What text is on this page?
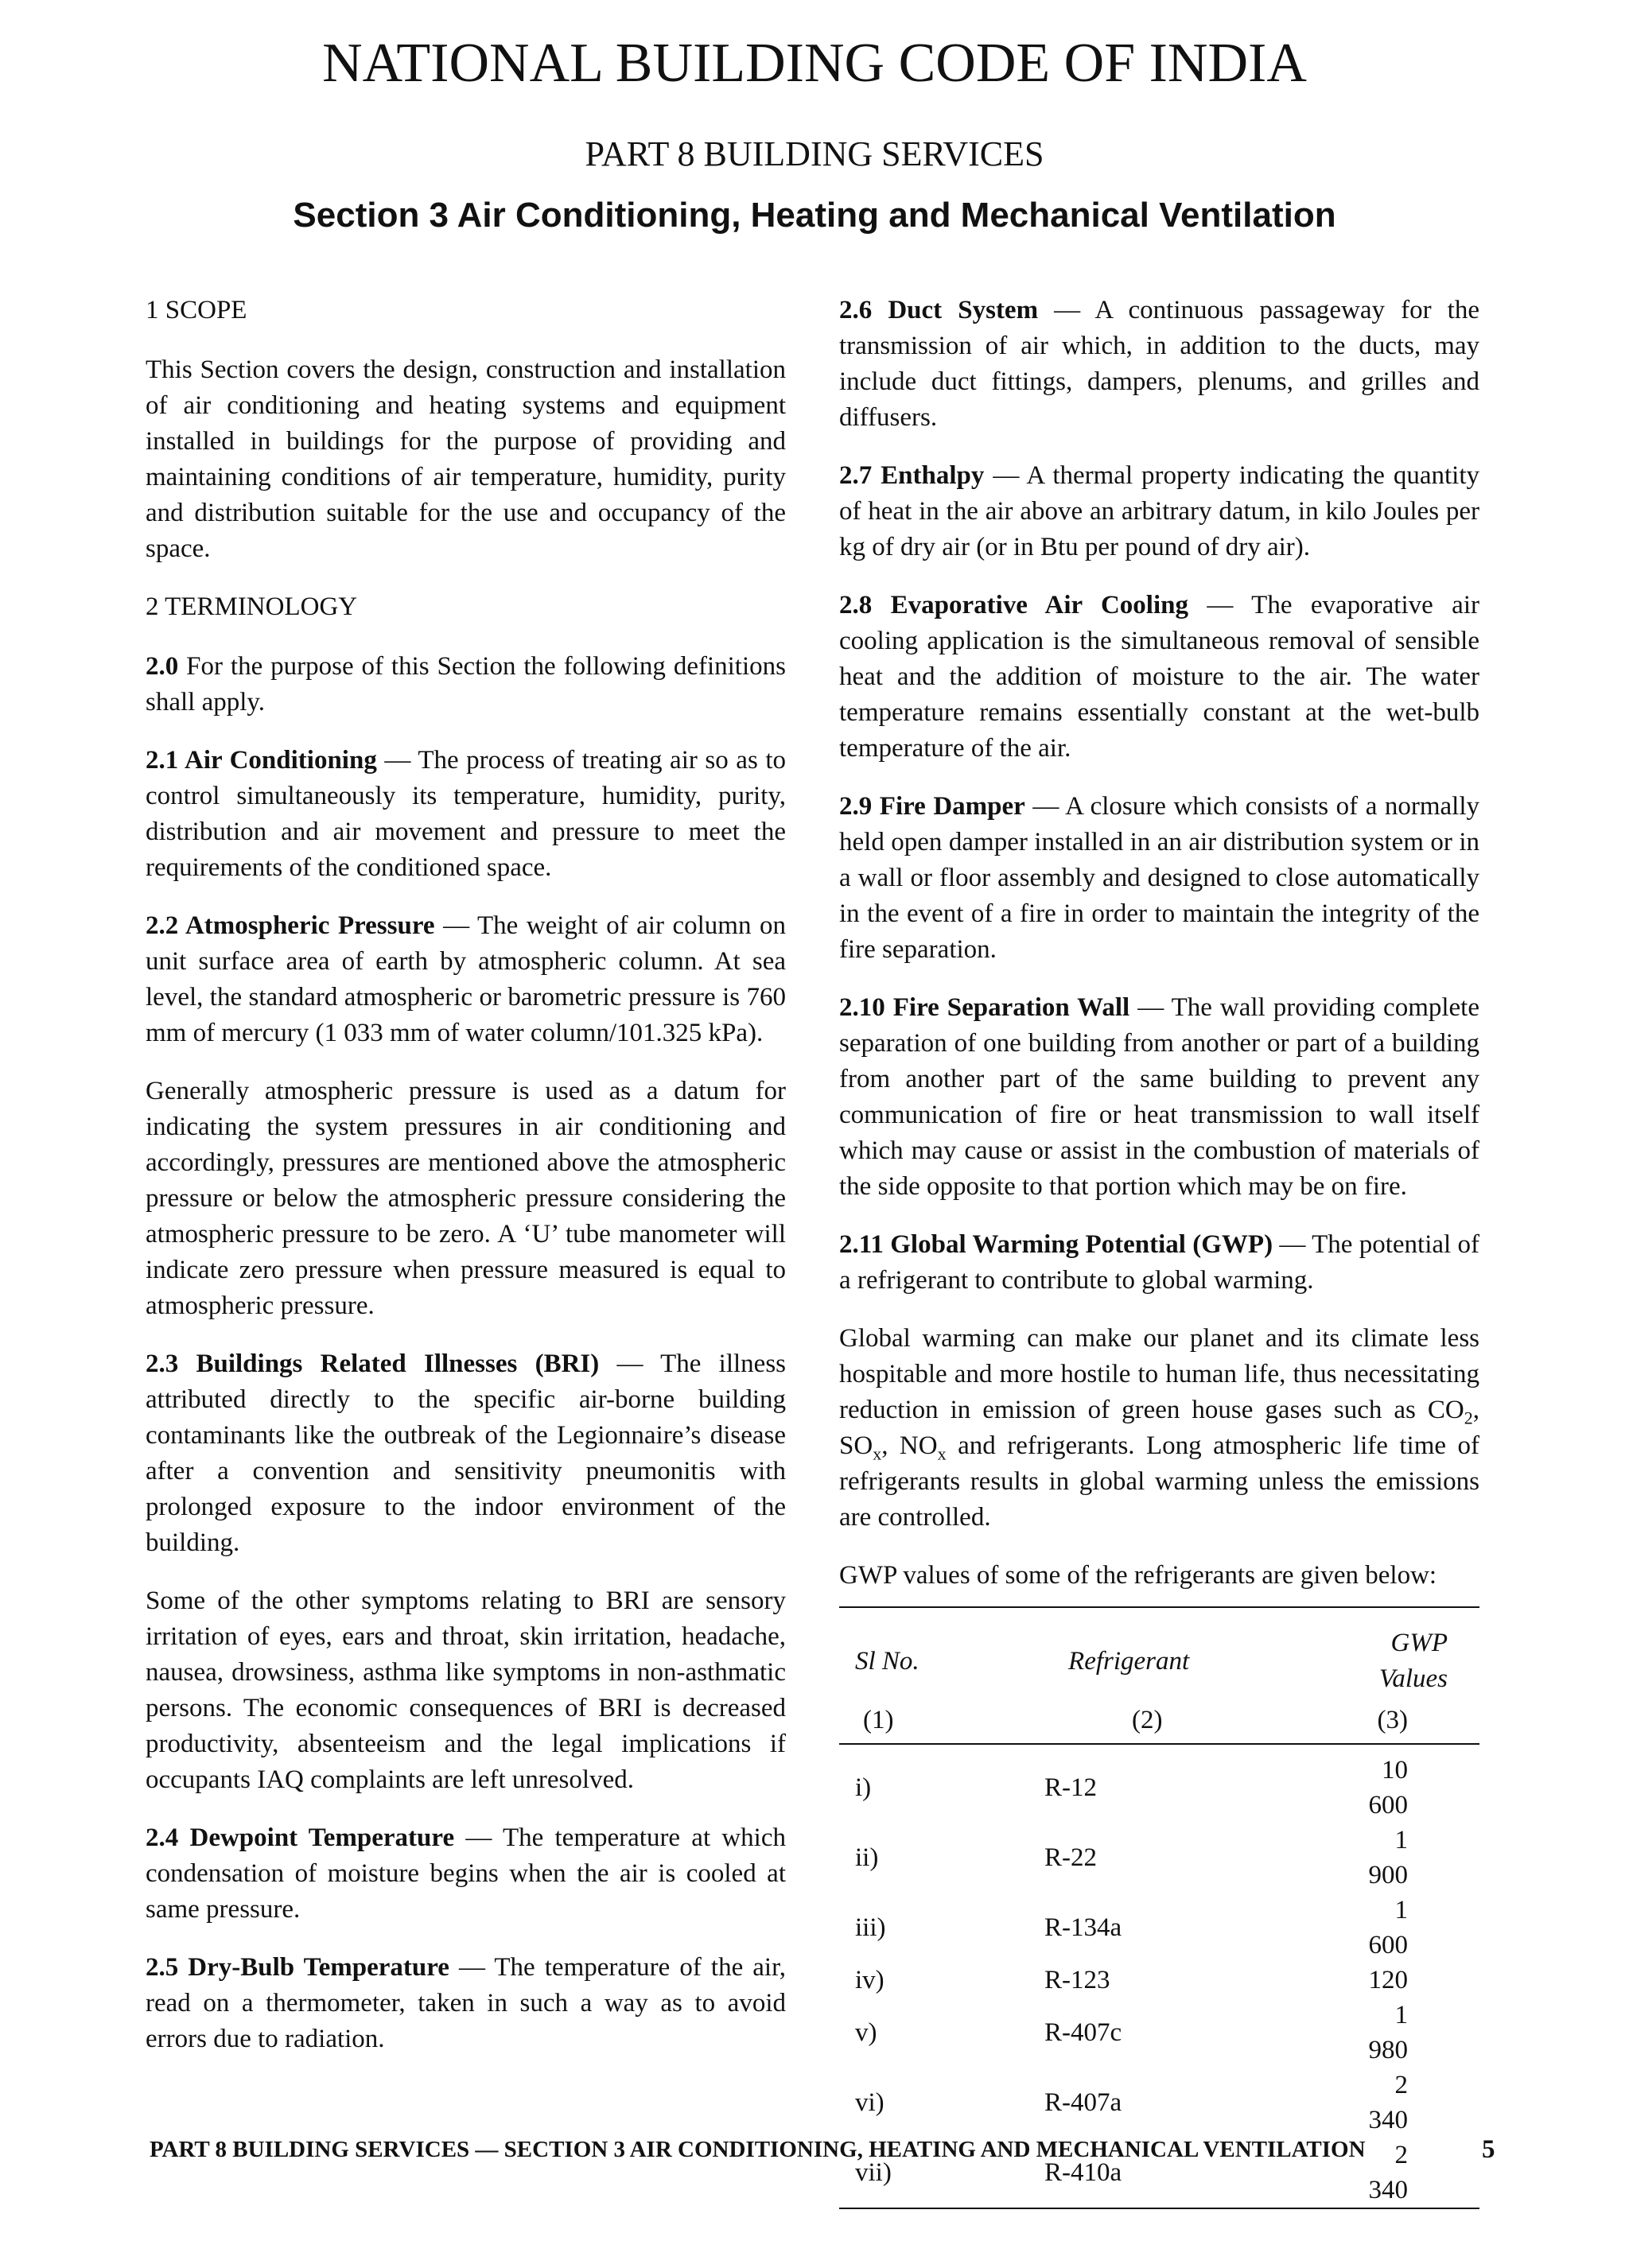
NATIONAL BUILDING CODE OF INDIA
PART 8 BUILDING SERVICES
Section 3 Air Conditioning, Heating and Mechanical Ventilation
1 SCOPE

This Section covers the design, construction and installation of air conditioning and heating systems and equipment installed in buildings for the purpose of providing and maintaining conditions of air temperature, humidity, purity and distribution suitable for the use and occupancy of the space.

2 TERMINOLOGY

2.0 For the purpose of this Section the following definitions shall apply.

2.1 Air Conditioning — The process of treating air so as to control simultaneously its temperature, humidity, purity, distribution and air movement and pressure to meet the requirements of the conditioned space.

2.2 Atmospheric Pressure — The weight of air column on unit surface area of earth by atmospheric column. At sea level, the standard atmospheric or barometric pressure is 760 mm of mercury (1 033 mm of water column/101.325 kPa).

Generally atmospheric pressure is used as a datum for indicating the system pressures in air conditioning and accordingly, pressures are mentioned above the atmospheric pressure or below the atmospheric pressure considering the atmospheric pressure to be zero. A ‘U’ tube manometer will indicate zero pressure when pressure measured is equal to atmospheric pressure.

2.3 Buildings Related Illnesses (BRI) — The illness attributed directly to the specific air-borne building contaminants like the outbreak of the Legionnaire’s disease after a convention and sensitivity pneumonitis with prolonged exposure to the indoor environment of the building.

Some of the other symptoms relating to BRI are sensory irritation of eyes, ears and throat, skin irritation, headache, nausea, drowsiness, asthma like symptoms in non-asthmatic persons. The economic consequences of BRI is decreased productivity, absenteeism and the legal implications if occupants IAQ complaints are left unresolved.

2.4 Dewpoint Temperature — The temperature at which condensation of moisture begins when the air is cooled at same pressure.

2.5 Dry-Bulb Temperature — The temperature of the air, read on a thermometer, taken in such a way as to avoid errors due to radiation.

2.6 Duct System — A continuous passageway for the transmission of air which, in addition to the ducts, may include duct fittings, dampers, plenums, and grilles and diffusers.

2.7 Enthalpy — A thermal property indicating the quantity of heat in the air above an arbitrary datum, in kilo Joules per kg of dry air (or in Btu per pound of dry air).

2.8 Evaporative Air Cooling — The evaporative air cooling application is the simultaneous removal of sensible heat and the addition of moisture to the air. The water temperature remains essentially constant at the wet-bulb temperature of the air.

2.9 Fire Damper — A closure which consists of a normally held open damper installed in an air distribution system or in a wall or floor assembly and designed to close automatically in the event of a fire in order to maintain the integrity of the fire separation.

2.10 Fire Separation Wall — The wall providing complete separation of one building from another or part of a building from another part of the same building to prevent any communication of fire or heat transmission to wall itself which may cause or assist in the combustion of materials of the side opposite to that portion which may be on fire.

2.11 Global Warming Potential (GWP) — The potential of a refrigerant to contribute to global warming.

Global warming can make our planet and its climate less hospitable and more hostile to human life, thus necessitating reduction in emission of green house gases such as $CO_2$, $SO_x$, $NO_x$ and refrigerants. Long atmospheric life time of refrigerants results in global warming unless the emissions are controlled.

GWP values of some of the refrigerants are given below:

Sl No.	Refrigerant	GWP Values
(1)	(2)	(3)
i)	R-12	10 600
ii)	R-22	1 900
iii)	R-134a	1 600
iv)	R-123	120
v)	R-407c	1 980
vi)	R-407a	2 340
vii)	R-410a	2 340
PART 8 BUILDING SERVICES — SECTION 3 AIR CONDITIONING, HEATING AND MECHANICAL VENTILATION	5
